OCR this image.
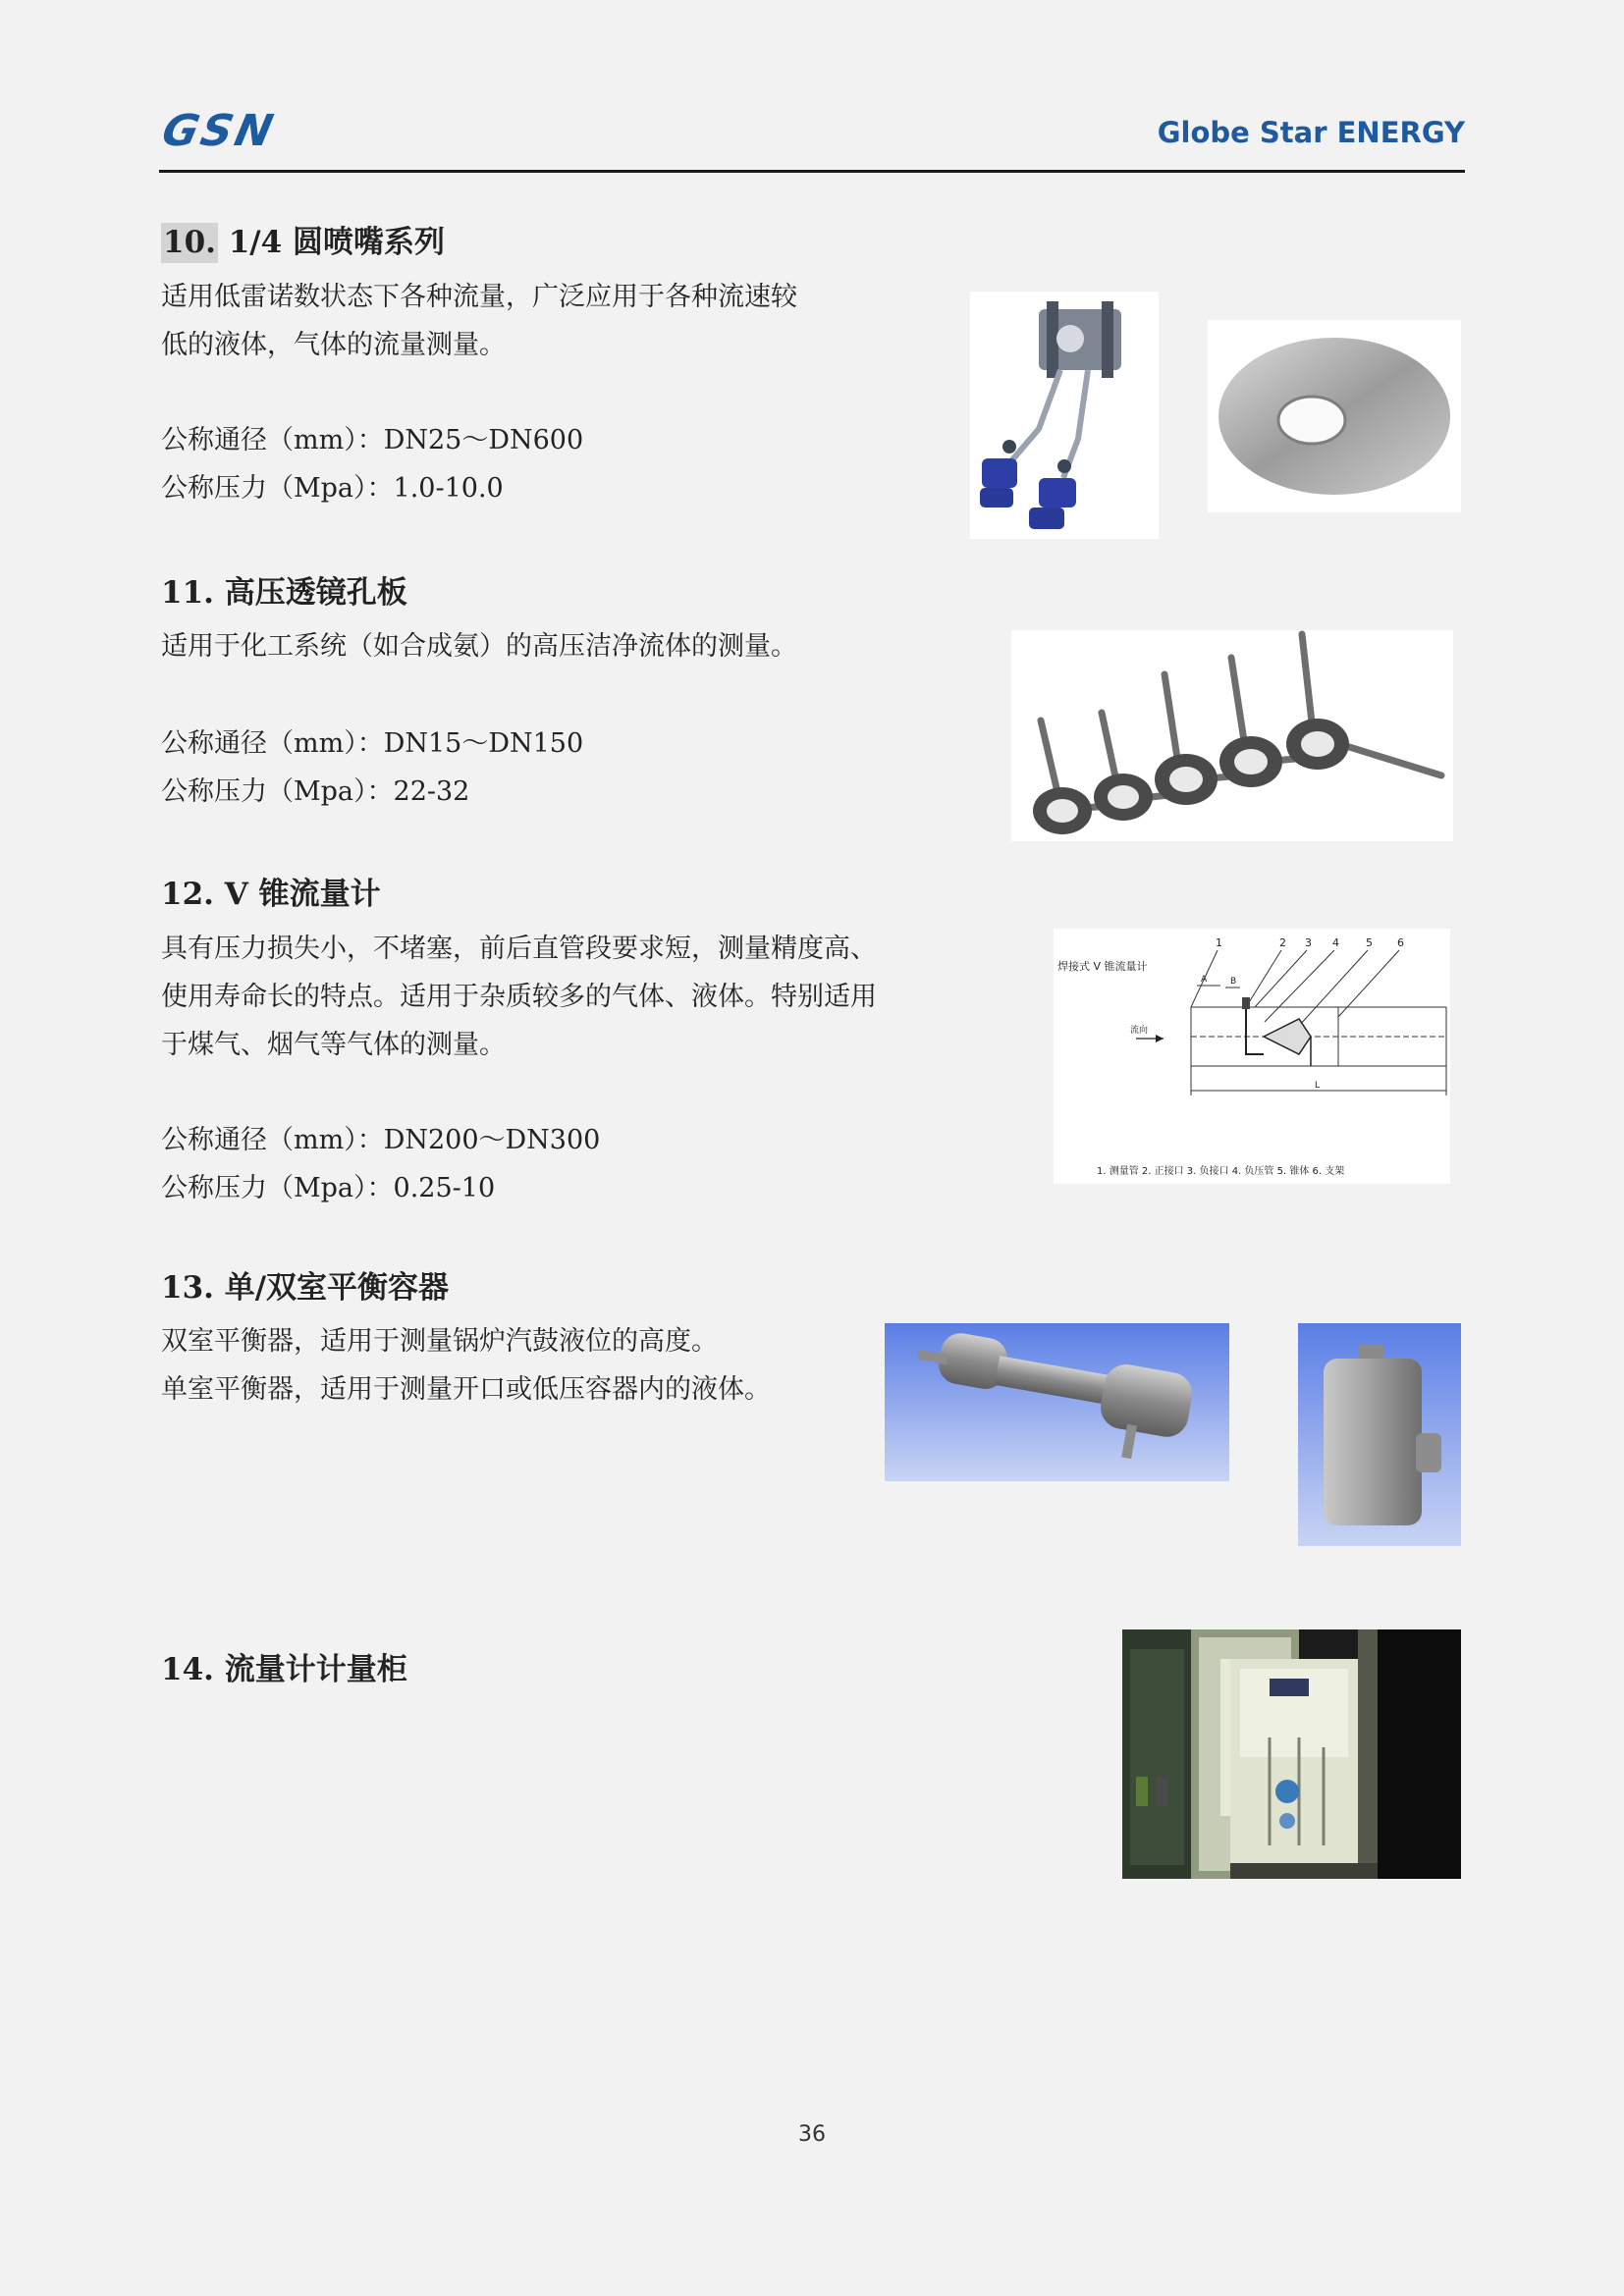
GSN	Globe Star ENERGY
10. 1/4 圆喷嘴系列
适用低雷诺数状态下各种流量，广泛应用于各种流速较
低的液体，气体的流量测量。
公称通径（mm）：DN25～DN600
公称压力（Mpa）：1.0-10.0
11. 高压透镜孔板
适用于化工系统（如合成氨）的高压洁净流体的测量。
公称通径（mm）：DN15～DN150
公称压力（Mpa）：22-32
12. V 锥流量计
具有压力损失小，不堵塞，前后直管段要求短，测量精度高、
使用寿命长的特点。适用于杂质较多的气体、液体。特别适用
于煤气、烟气等气体的测量。
公称通径（mm）：DN200～DN300
公称压力（Mpa）：0.25-10
焊接式 V 锥流量计
1	2 3 4 5 6
流向
A	B
L
1. 测量管 2. 正接口 3. 负接口 4. 负压管 5. 锥体 6. 支架
13. 单/双室平衡容器
双室平衡器，适用于测量锅炉汽鼓液位的高度。
单室平衡器，适用于测量开口或低压容器内的液体。
14. 流量计计量柜
36
